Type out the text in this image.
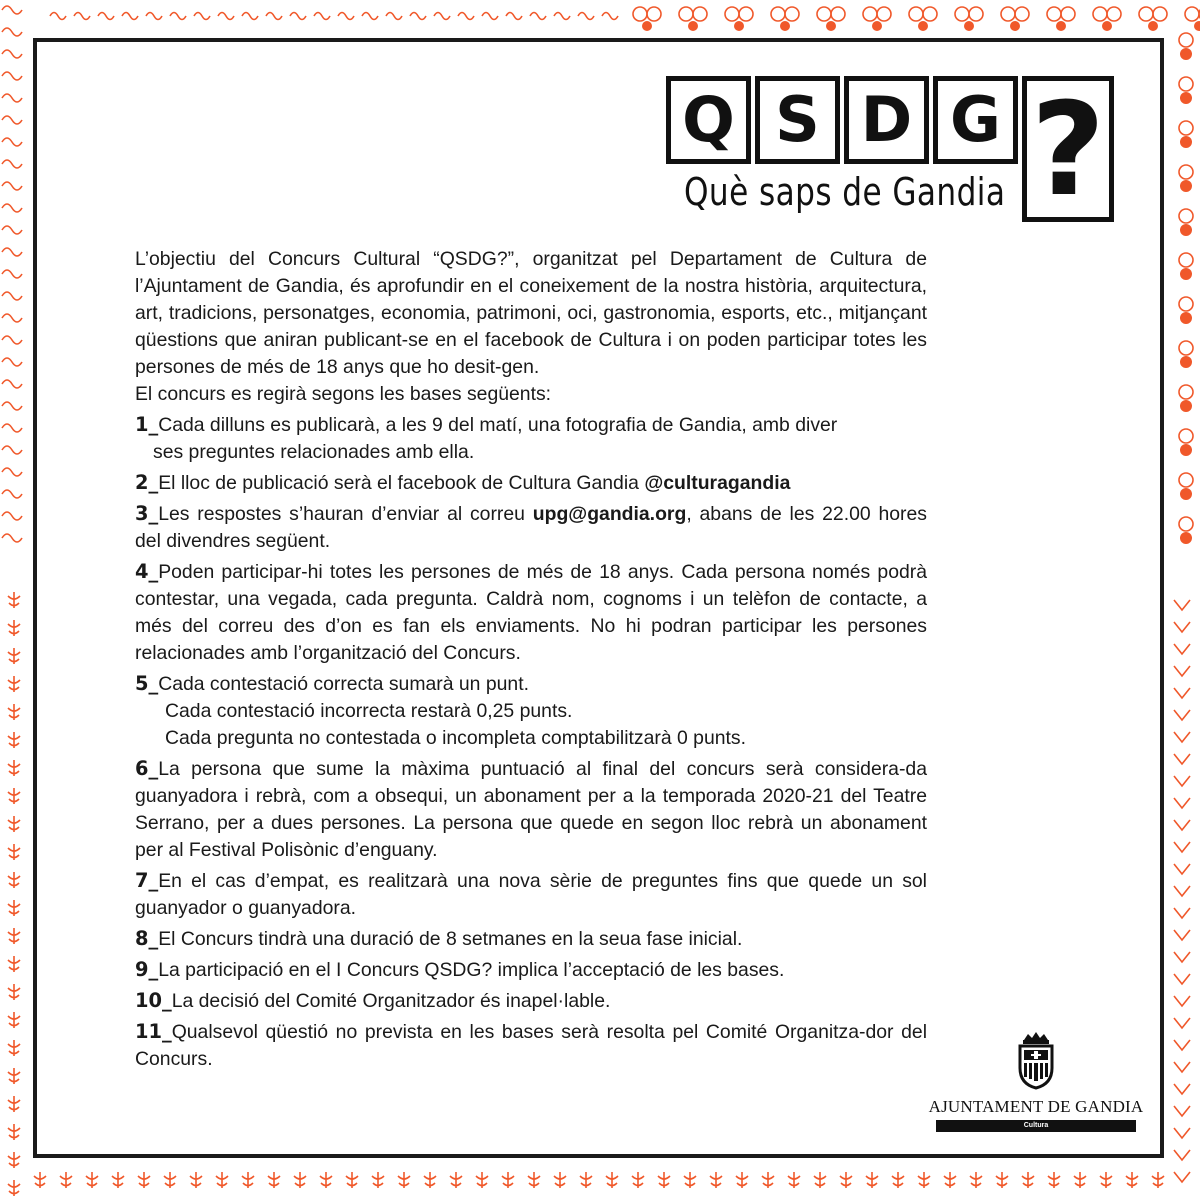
Q S D G ?
Què saps de Gandia

L’objectiu del Concurs Cultural “QSDG?”, organitzat pel Departament de Cultura de l’Ajuntament de Gandia, és aprofundir en el coneixement de la nostra història, arquitectura, art, tradicions, personatges, economia, patrimoni, oci, gastronomia, esports, etc., mitjançant qüestions que aniran publicant-se en el facebook de Cultura i on poden participar totes les persones de més de 18 anys que ho desit-gen.

El concurs es regirà segons les bases següents:

1_Cada dilluns es publicarà, a les 9 del matí, una fotografia de Gandia, amb diver
ses preguntes relacionades amb ella.
2_El lloc de publicació serà el facebook de Cultura Gandia @culturagandia
3_Les respostes s’hauran d’enviar al correu upg@gandia.org, abans de les 22.00 hores del divendres següent.
4_Poden participar-hi totes les persones de més de 18 anys. Cada persona només podrà contestar, una vegada, cada pregunta. Caldrà nom, cognoms i un telèfon de contacte, a més del correu des d’on es fan els enviaments. No hi podran participar les persones relacionades amb l’organització del Concurs.
5_Cada contestació correcta sumarà un punt.
Cada contestació incorrecta restarà 0,25 punts.
Cada pregunta no contestada o incompleta comptabilitzarà 0 punts.
6_La persona que sume la màxima puntuació al final del concurs serà considera-da guanyadora i rebrà, com a obsequi, un abonament per a la temporada 2020-21 del Teatre Serrano, per a dues persones. La persona que quede en segon lloc rebrà un abonament per al Festival Polisònic d’enguany.
7_En el cas d’empat, es realitzarà una nova sèrie de preguntes fins que quede un sol guanyador o guanyadora.
8_El Concurs tindrà una duració de 8 setmanes en la seua fase inicial.
9_La participació en el I Concurs QSDG? implica l’acceptació de les bases.
10_La decisió del Comité Organitzador és inapel·lable.
11_Qualsevol qüestió no prevista en les bases serà resolta pel Comité Organitza-dor del Concurs.
AJUNTAMENT DE GANDIA
Cultura
